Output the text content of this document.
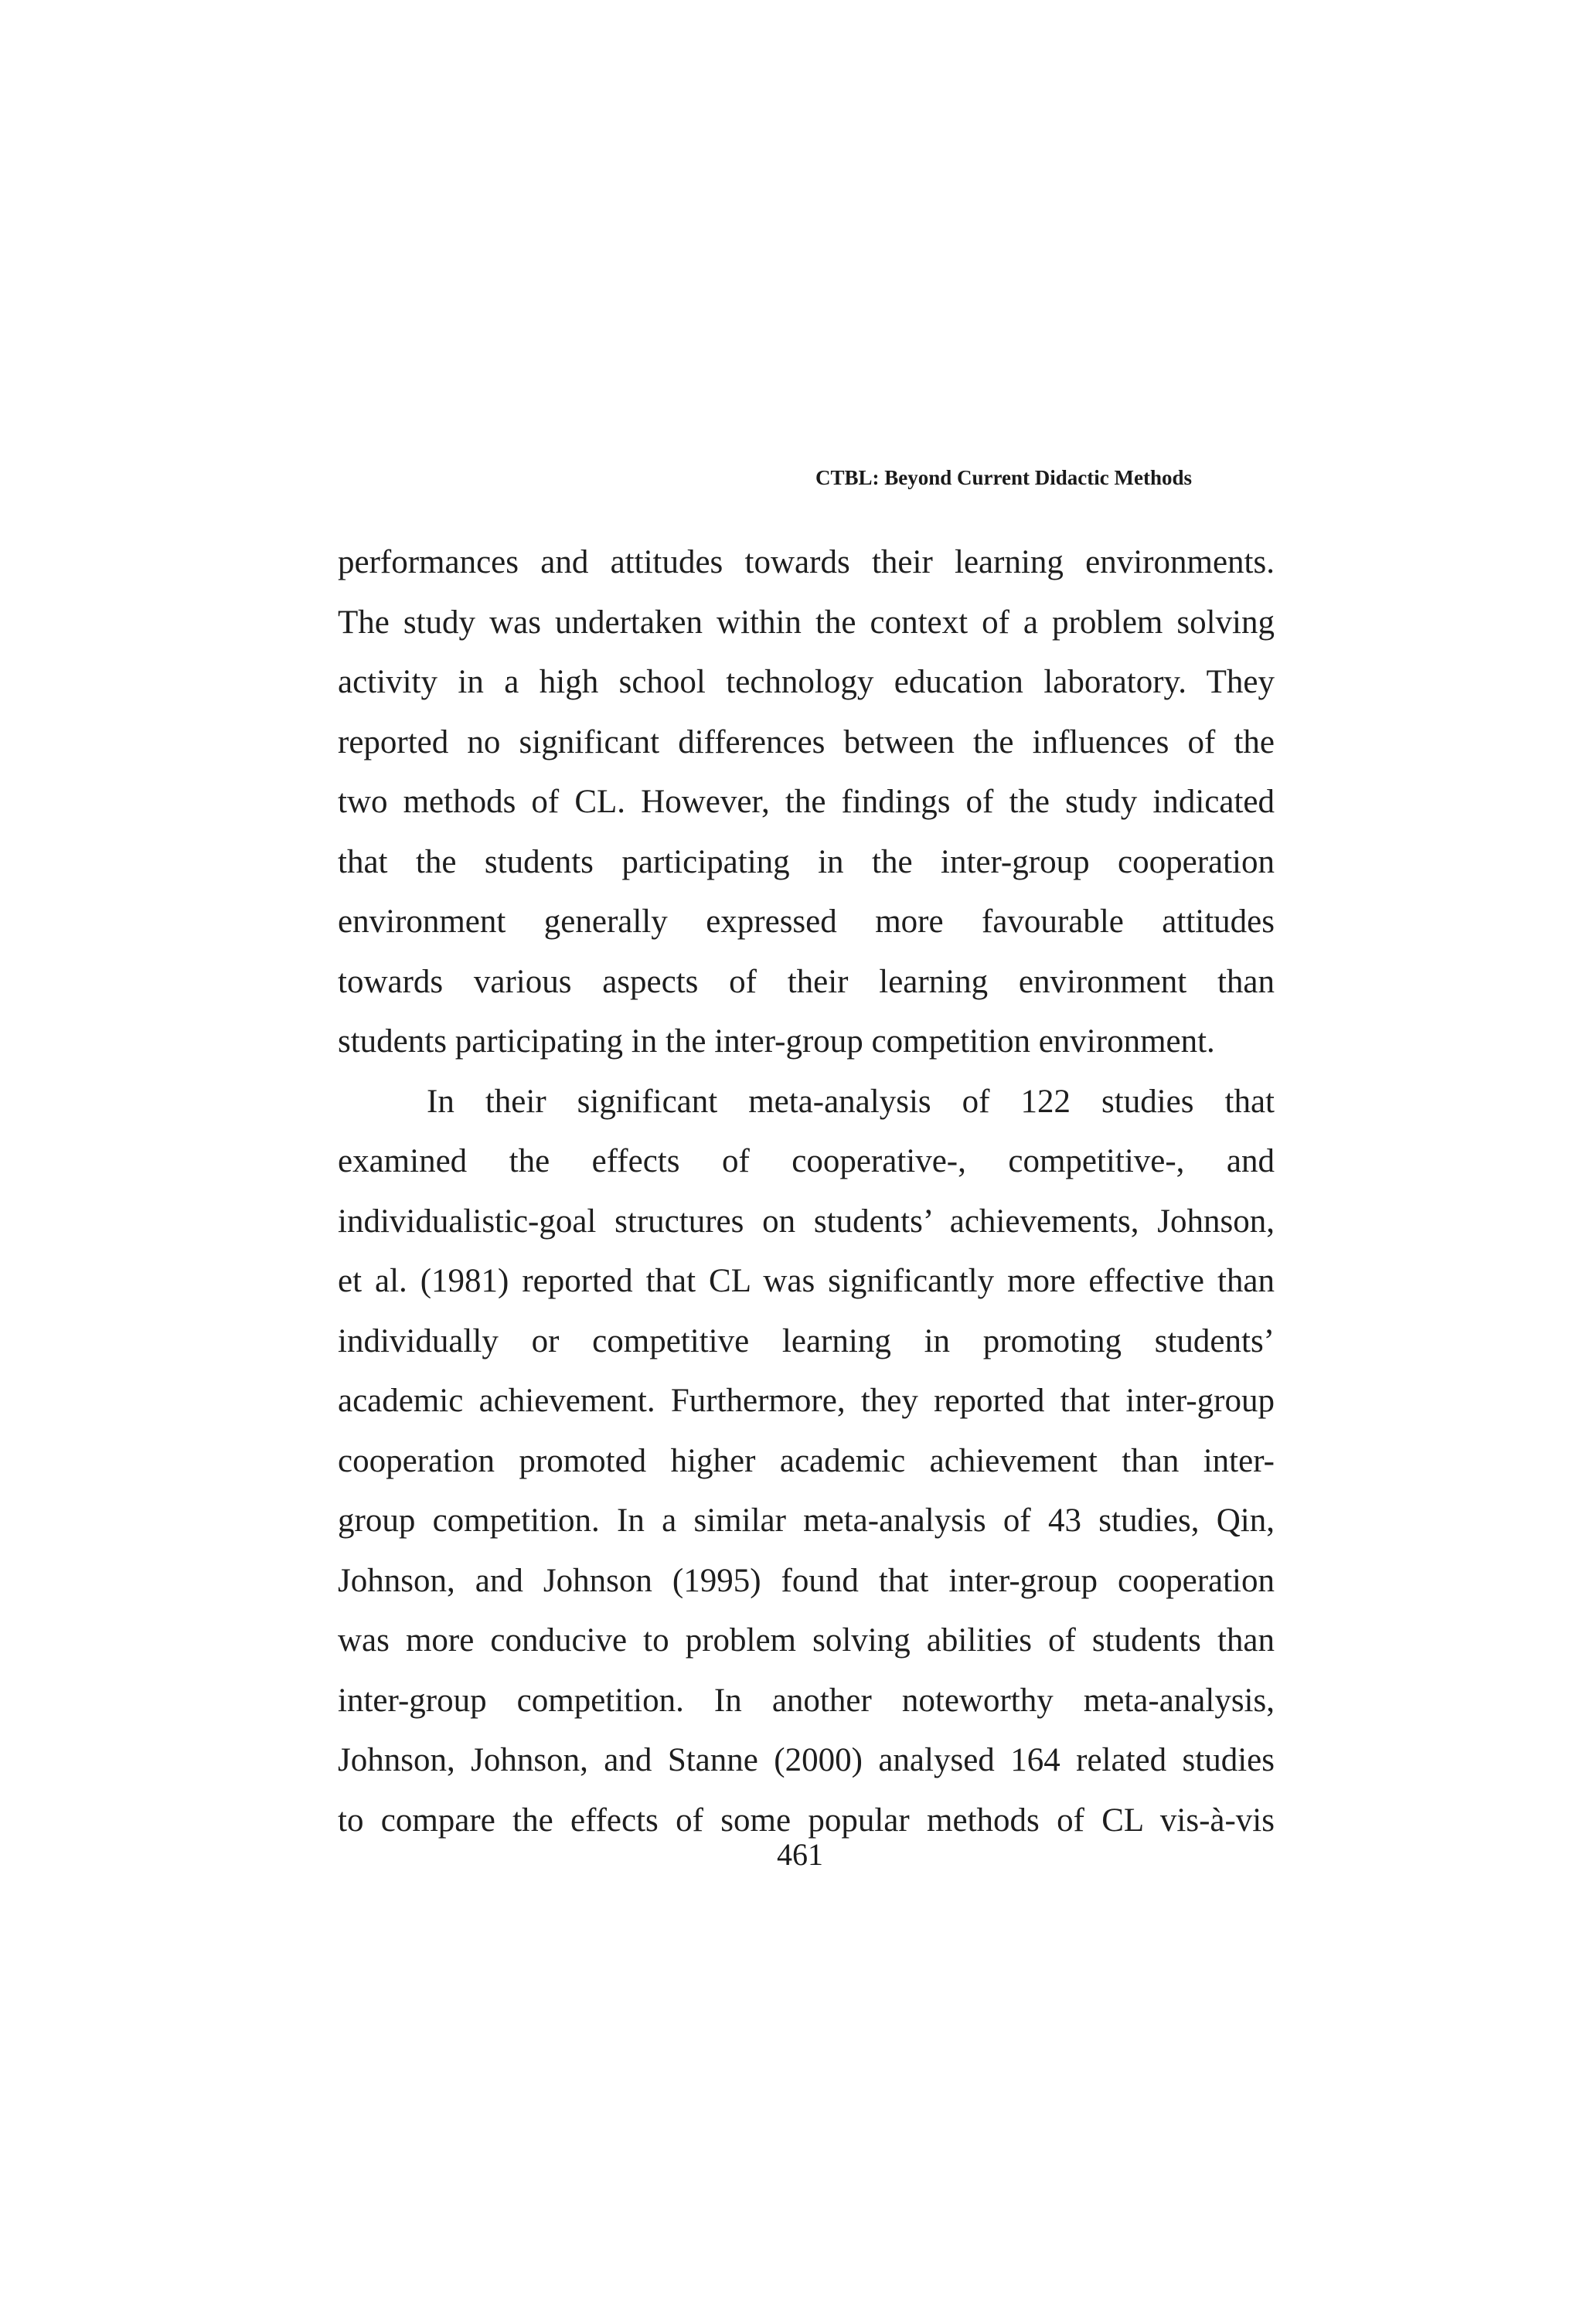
CTBL: Beyond Current Didactic Methods
performances and attitudes towards their learning environments.
The study was undertaken within the context of a problem solving
activity in a high school technology education laboratory. They
reported no significant differences between the influences of the
two methods of CL. However, the findings of the study indicated
that the students participating in the inter-group cooperation
environment generally expressed more favourable attitudes
towards various aspects of their learning environment than
students participating in the inter-group competition environment.
In their significant meta-analysis of 122 studies that
examined the effects of cooperative-, competitive-, and
individualistic-goal structures on students’ achievements, Johnson,
et al. (1981) reported that CL was significantly more effective than
individually or competitive learning in promoting students’
academic achievement. Furthermore, they reported that inter-group
cooperation promoted higher academic achievement than inter-
group competition. In a similar meta-analysis of 43 studies, Qin,
Johnson, and Johnson (1995) found that inter-group cooperation
was more conducive to problem solving abilities of students than
inter-group competition. In another noteworthy meta-analysis,
Johnson, Johnson, and Stanne (2000) analysed 164 related studies
to compare the effects of some popular methods of CL vis-à-vis
461
